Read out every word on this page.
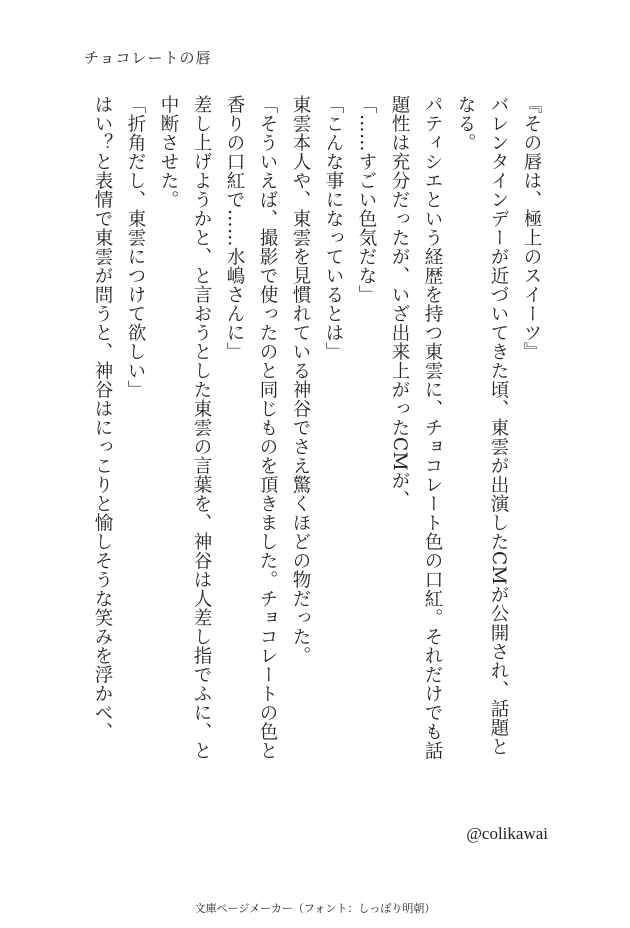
チョコレートの唇
『その唇は、極上のスイーツ』
バレンタインデーが近づいてきた頃、東雲が出演したCMが公開され、話題と
なる。
パティシエという経歴を持つ東雲に、チョコレート色の口紅。それだけでも話
題性は充分だったが、いざ出来上がったCMが、
「……すごい色気だな」
「こんな事になっているとは」
東雲本人や、東雲を見慣れている神谷でさえ驚くほどの物だった。
「そういえば、撮影で使ったのと同じものを頂きました。チョコレートの色と
香りの口紅で……水嶋さんに」
差し上げようかと、と言おうとした東雲の言葉を、神谷は人差し指でふに、と
中断させた。
「折角だし、東雲につけて欲しい」
はい？と表情で東雲が問うと、神谷はにっこりと愉しそうな笑みを浮かべ、
@colikawai
文庫ページメーカー（フォント：しっぽり明朝）
